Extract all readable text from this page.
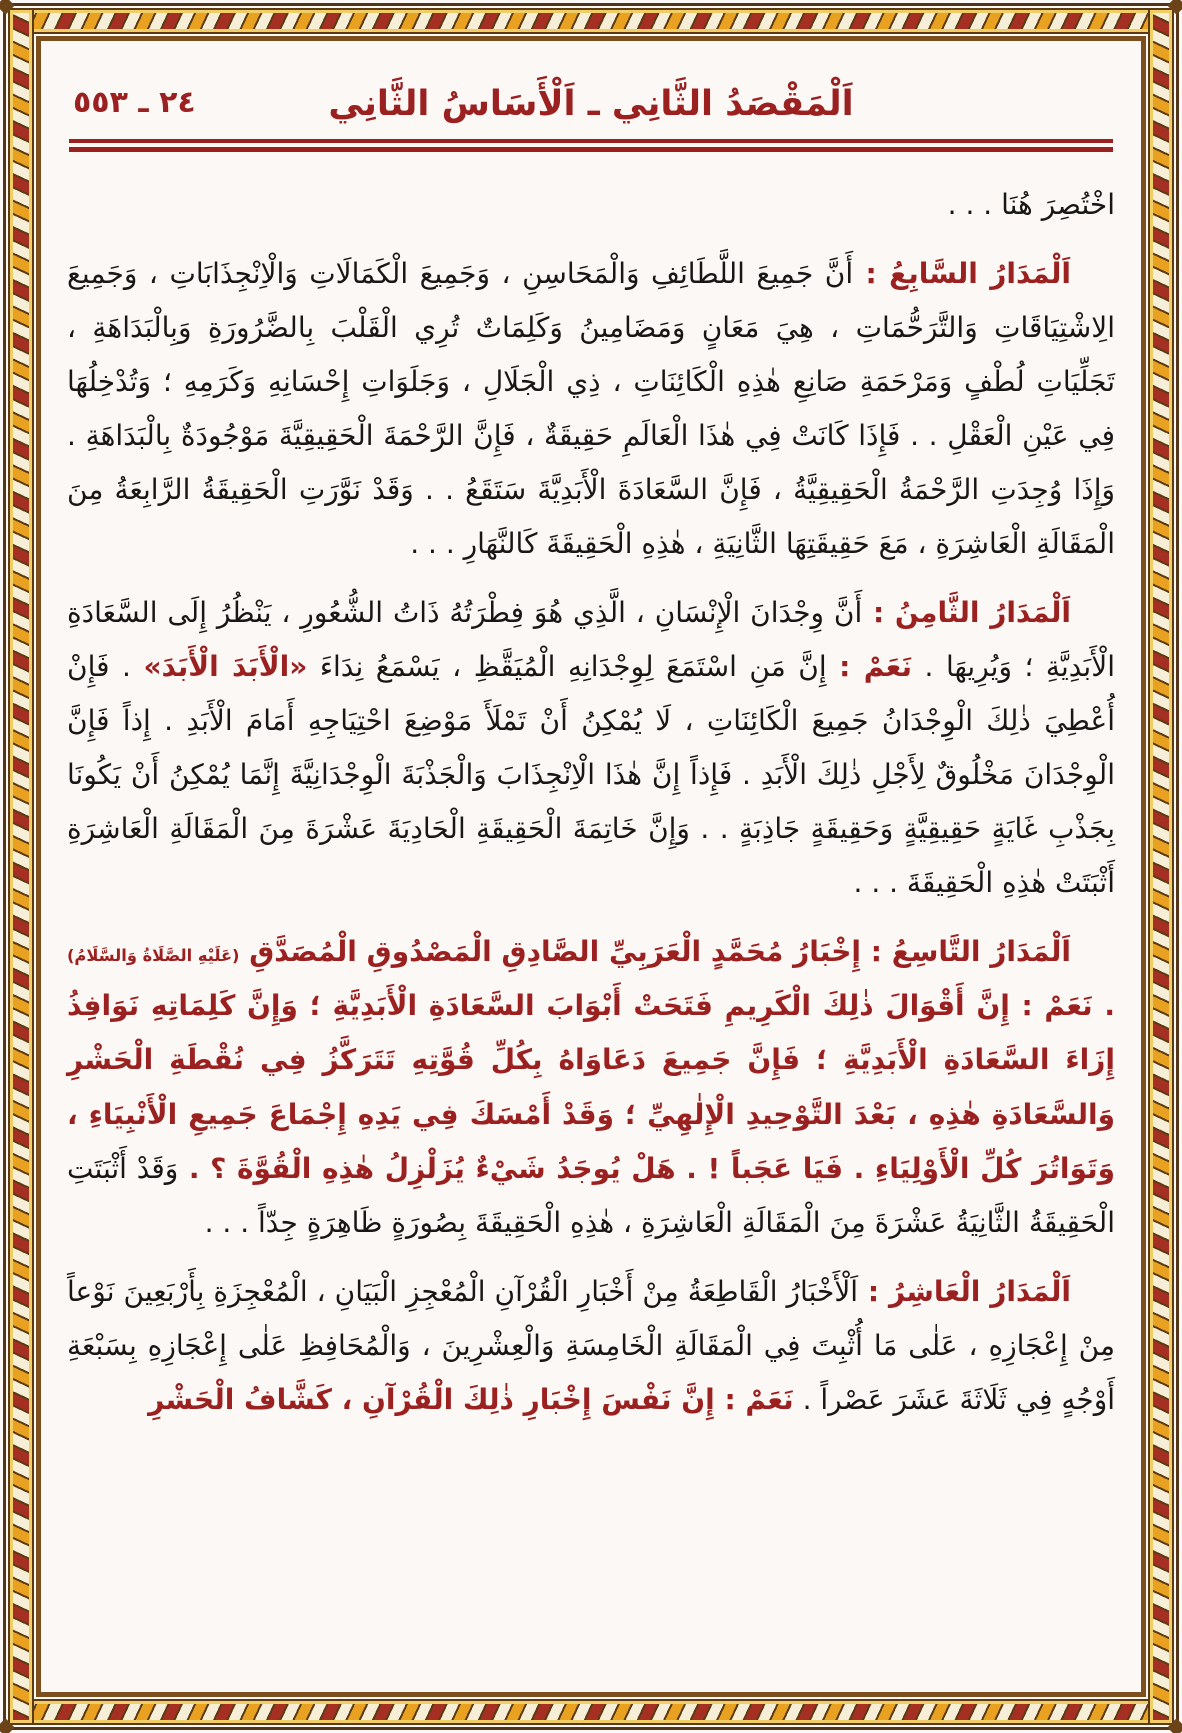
٢٤ ـ ٥٥٣	اَلْمَقْصَدُ الثَّانِي ـ اَلْأَسَاسُ الثَّانِي

اخْتُصِرَ هُنَا . . .

اَلْمَدَارُ السَّابِعُ : أَنَّ جَمِيعَ اللَّطَائِفِ وَالْمَحَاسِنِ ، وَجَمِيعَ الْكَمَالَاتِ وَالْاِنْجِذَابَاتِ ، وَجَمِيعَ الِاشْتِيَاقَاتِ وَالتَّرَحُّمَاتِ ، هِيَ مَعَانٍ وَمَضَامِينُ وَكَلِمَاتٌ تُرِي الْقَلْبَ بِالضَّرُورَةِ وَبِالْبَدَاهَةِ ، تَجَلِّيَاتِ لُطْفٍ وَمَرْحَمَةِ صَانِعِ هٰذِهِ الْكَائِنَاتِ ، ذِي الْجَلَالِ ، وَجَلَوَاتِ إِحْسَانِهِ وَكَرَمِهِ ؛ وَتُدْخِلُهَا فِي عَيْنِ الْعَقْلِ . . فَإِذَا كَانَتْ فِي هٰذَا الْعَالَمِ حَقِيقَةٌ ، فَإِنَّ الرَّحْمَةَ الْحَقِيقِيَّةَ مَوْجُودَةٌ بِالْبَدَاهَةِ . وَإِذَا وُجِدَتِ الرَّحْمَةُ الْحَقِيقِيَّةُ ، فَإِنَّ السَّعَادَةَ الْأَبَدِيَّةَ سَتَقَعُ . . وَقَدْ نَوَّرَتِ الْحَقِيقَةُ الرَّابِعَةُ مِنَ الْمَقَالَةِ الْعَاشِرَةِ ، مَعَ حَقِيقَتِهَا الثَّانِيَةِ ، هٰذِهِ الْحَقِيقَةَ كَالنَّهَارِ . . .

اَلْمَدَارُ الثَّامِنُ : أَنَّ وِجْدَانَ الْإِنْسَانِ ، الَّذِي هُوَ فِطْرَتُهُ ذَاتُ الشُّعُورِ ، يَنْظُرُ إِلَى السَّعَادَةِ الْأَبَدِيَّةِ ؛ وَيُرِيهَا . نَعَمْ : إِنَّ مَنِ اسْتَمَعَ لِوِجْدَانِهِ الْمُيَقَّظِ ، يَسْمَعُ نِدَاءَ «الْأَبَدَ الْأَبَدَ» . فَإِنْ أُعْطِيَ ذٰلِكَ الْوِجْدَانُ جَمِيعَ الْكَائِنَاتِ ، لَا يُمْكِنُ أَنْ تَمْلَأَ مَوْضِعَ احْتِيَاجِهِ أَمَامَ الْأَبَدِ . إِذاً فَإِنَّ الْوِجْدَانَ مَخْلُوقٌ لِأَجْلِ ذٰلِكَ الْأَبَدِ . فَإِذاً إِنَّ هٰذَا الْاِنْجِذَابَ وَالْجَذْبَةَ الْوِجْدَانِيَّةَ إِنَّمَا يُمْكِنُ أَنْ يَكُونَا بِجَذْبِ غَايَةٍ حَقِيقِيَّةٍ وَحَقِيقَةٍ جَاذِبَةٍ . . وَإِنَّ خَاتِمَةَ الْحَقِيقَةِ الْحَادِيَةَ عَشْرَةَ مِنَ الْمَقَالَةِ الْعَاشِرَةِ أَثْبَتَتْ هٰذِهِ الْحَقِيقَةَ . . .

اَلْمَدَارُ التَّاسِعُ : إِخْبَارُ مُحَمَّدٍ الْعَرَبِيِّ الصَّادِقِ الْمَصْدُوقِ الْمُصَدَّقِ (عَلَيْهِ الصَّلَاةُ وَالسَّلَامُ) . نَعَمْ : إِنَّ أَقْوَالَ ذٰلِكَ الْكَرِيمِ فَتَحَتْ أَبْوَابَ السَّعَادَةِ الْأَبَدِيَّةِ ؛ وَإِنَّ كَلِمَاتِهِ نَوَافِذُ إِزَاءَ السَّعَادَةِ الْأَبَدِيَّةِ ؛ فَإِنَّ جَمِيعَ دَعَاوَاهُ بِكُلِّ قُوَّتِهِ تَتَرَكَّزُ فِي نُقْطَةِ الْحَشْرِ وَالسَّعَادَةِ هٰذِهِ ، بَعْدَ التَّوْحِيدِ الْإِلٰهِيِّ ؛ وَقَدْ أَمْسَكَ فِي يَدِهِ إِجْمَاعَ جَمِيعِ الْأَنْبِيَاءِ ، وَتَوَاتُرَ كُلِّ الْأَوْلِيَاءِ . فَيَا عَجَباً ! . هَلْ يُوجَدُ شَيْءٌ يُزَلْزِلُ هٰذِهِ الْقُوَّةَ ؟ . وَقَدْ أَثْبَتَتِ الْحَقِيقَةُ الثَّانِيَةُ عَشْرَةَ مِنَ الْمَقَالَةِ الْعَاشِرَةِ ، هٰذِهِ الْحَقِيقَةَ بِصُورَةٍ ظَاهِرَةٍ جِدّاً . . .

اَلْمَدَارُ الْعَاشِرُ : اَلْأَخْبَارُ الْقَاطِعَةُ مِنْ أَخْبَارِ الْقُرْآنِ الْمُعْجِزِ الْبَيَانِ ، الْمُعْجِزَةِ بِأَرْبَعِينَ نَوْعاً مِنْ إِعْجَازِهِ ، عَلٰى مَا أُثْبِتَ فِي الْمَقَالَةِ الْخَامِسَةِ وَالْعِشْرِينَ ، وَالْمُحَافِظِ عَلٰى إِعْجَازِهِ بِسَبْعَةِ أَوْجُهٍ فِي ثَلَاثَةَ عَشَرَ عَصْراً . نَعَمْ : إِنَّ نَفْسَ إِخْبَارِ ذٰلِكَ الْقُرْآنِ ، كَشَّافُ الْحَشْرِ
